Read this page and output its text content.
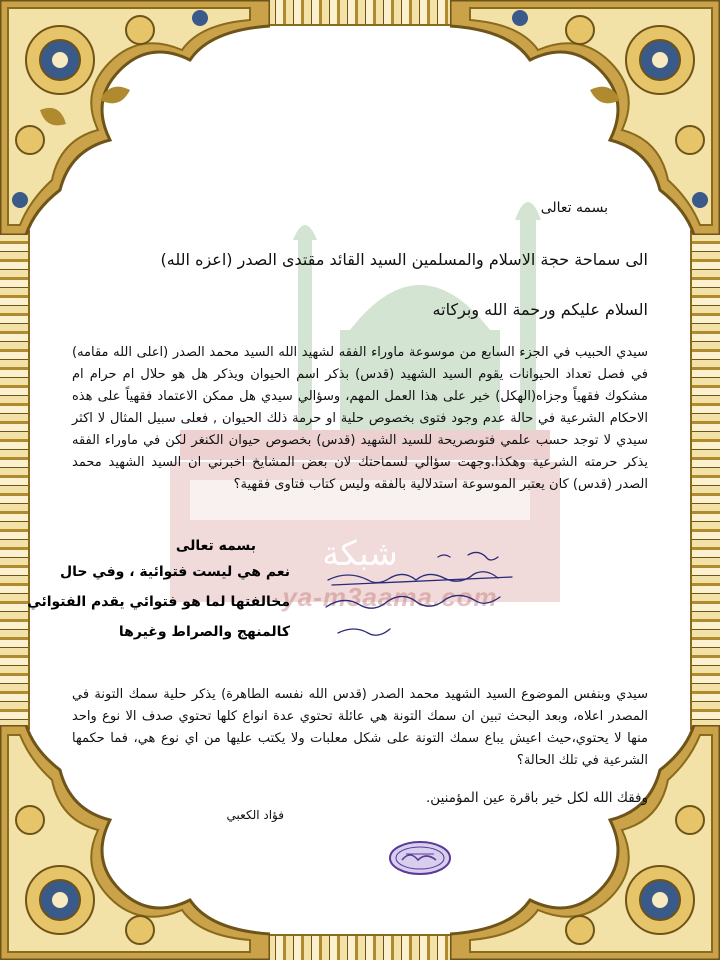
شبكة
ya-m3aama.com
بسمه تعالى
الى سماحة حجة الاسلام والمسلمين السيد القائد مقتدى الصدر (اعزه الله)
السلام عليكم ورحمة الله وبركاته
سيدي الحبيب في الجزء السابع من موسوعة ماوراء الفقه لشهيد الله السيد محمد الصدر (اعلى الله مقامه) في فصل تعداد الحيوانات يقوم السيد الشهيد (قدس) بذكر اسم الحيوان ويذكر هل هو حلال ام حرام ام مشكوك فقهياً وجزاه(الهكل) خير على هذا العمل المهم، وسؤالي سيدي هل ممكن الاعتماد فقهياً على هذه الاحكام الشرعية في حالة عدم وجود فتوى بخصوص حلية او حرمة ذلك الحيوان , فعلى سبيل المثال لا اكثر سيدي لا توجد حسب علمي فتوىصريحة للسيد الشهيد (قدس) بخصوص حيوان الكنغر لكن في ماوراء الفقه يذكر حرمته الشرعية وهكذا.وجهت سؤالي لسماحتك لان بعض المشايخ اخبرني ان السيد الشهيد محمد الصدر (قدس) كان يعتبر الموسوعة استدلالية بالفقه وليس كتاب فتاوى فقهية؟
بسمه تعالى
نعم هي ليست فتوائية ، وفي حال
مخالفتها لما هو فتوائي يقدم الفتوائي
كالمنهج والصراط وغيرها
سيدي وبنفس الموضوع السيد الشهيد محمد الصدر (قدس الله نفسه الطاهرة) يذكر حلية سمك التونة في المصدر اعلاه، وبعد البحث تبين ان سمك التونة هي عائلة تحتوي عدة انواع كلها تحتوي صدف الا نوع واحد منها لا يحتوي،حيث اعيش يباع سمك التونة على شكل معلبات ولا يكتب عليها من اي نوع هي، فما حكمها الشرعية في تلك الحالة؟
وفقك الله لكل خير باقرة عين المؤمنين.
فؤاد الكعبي
